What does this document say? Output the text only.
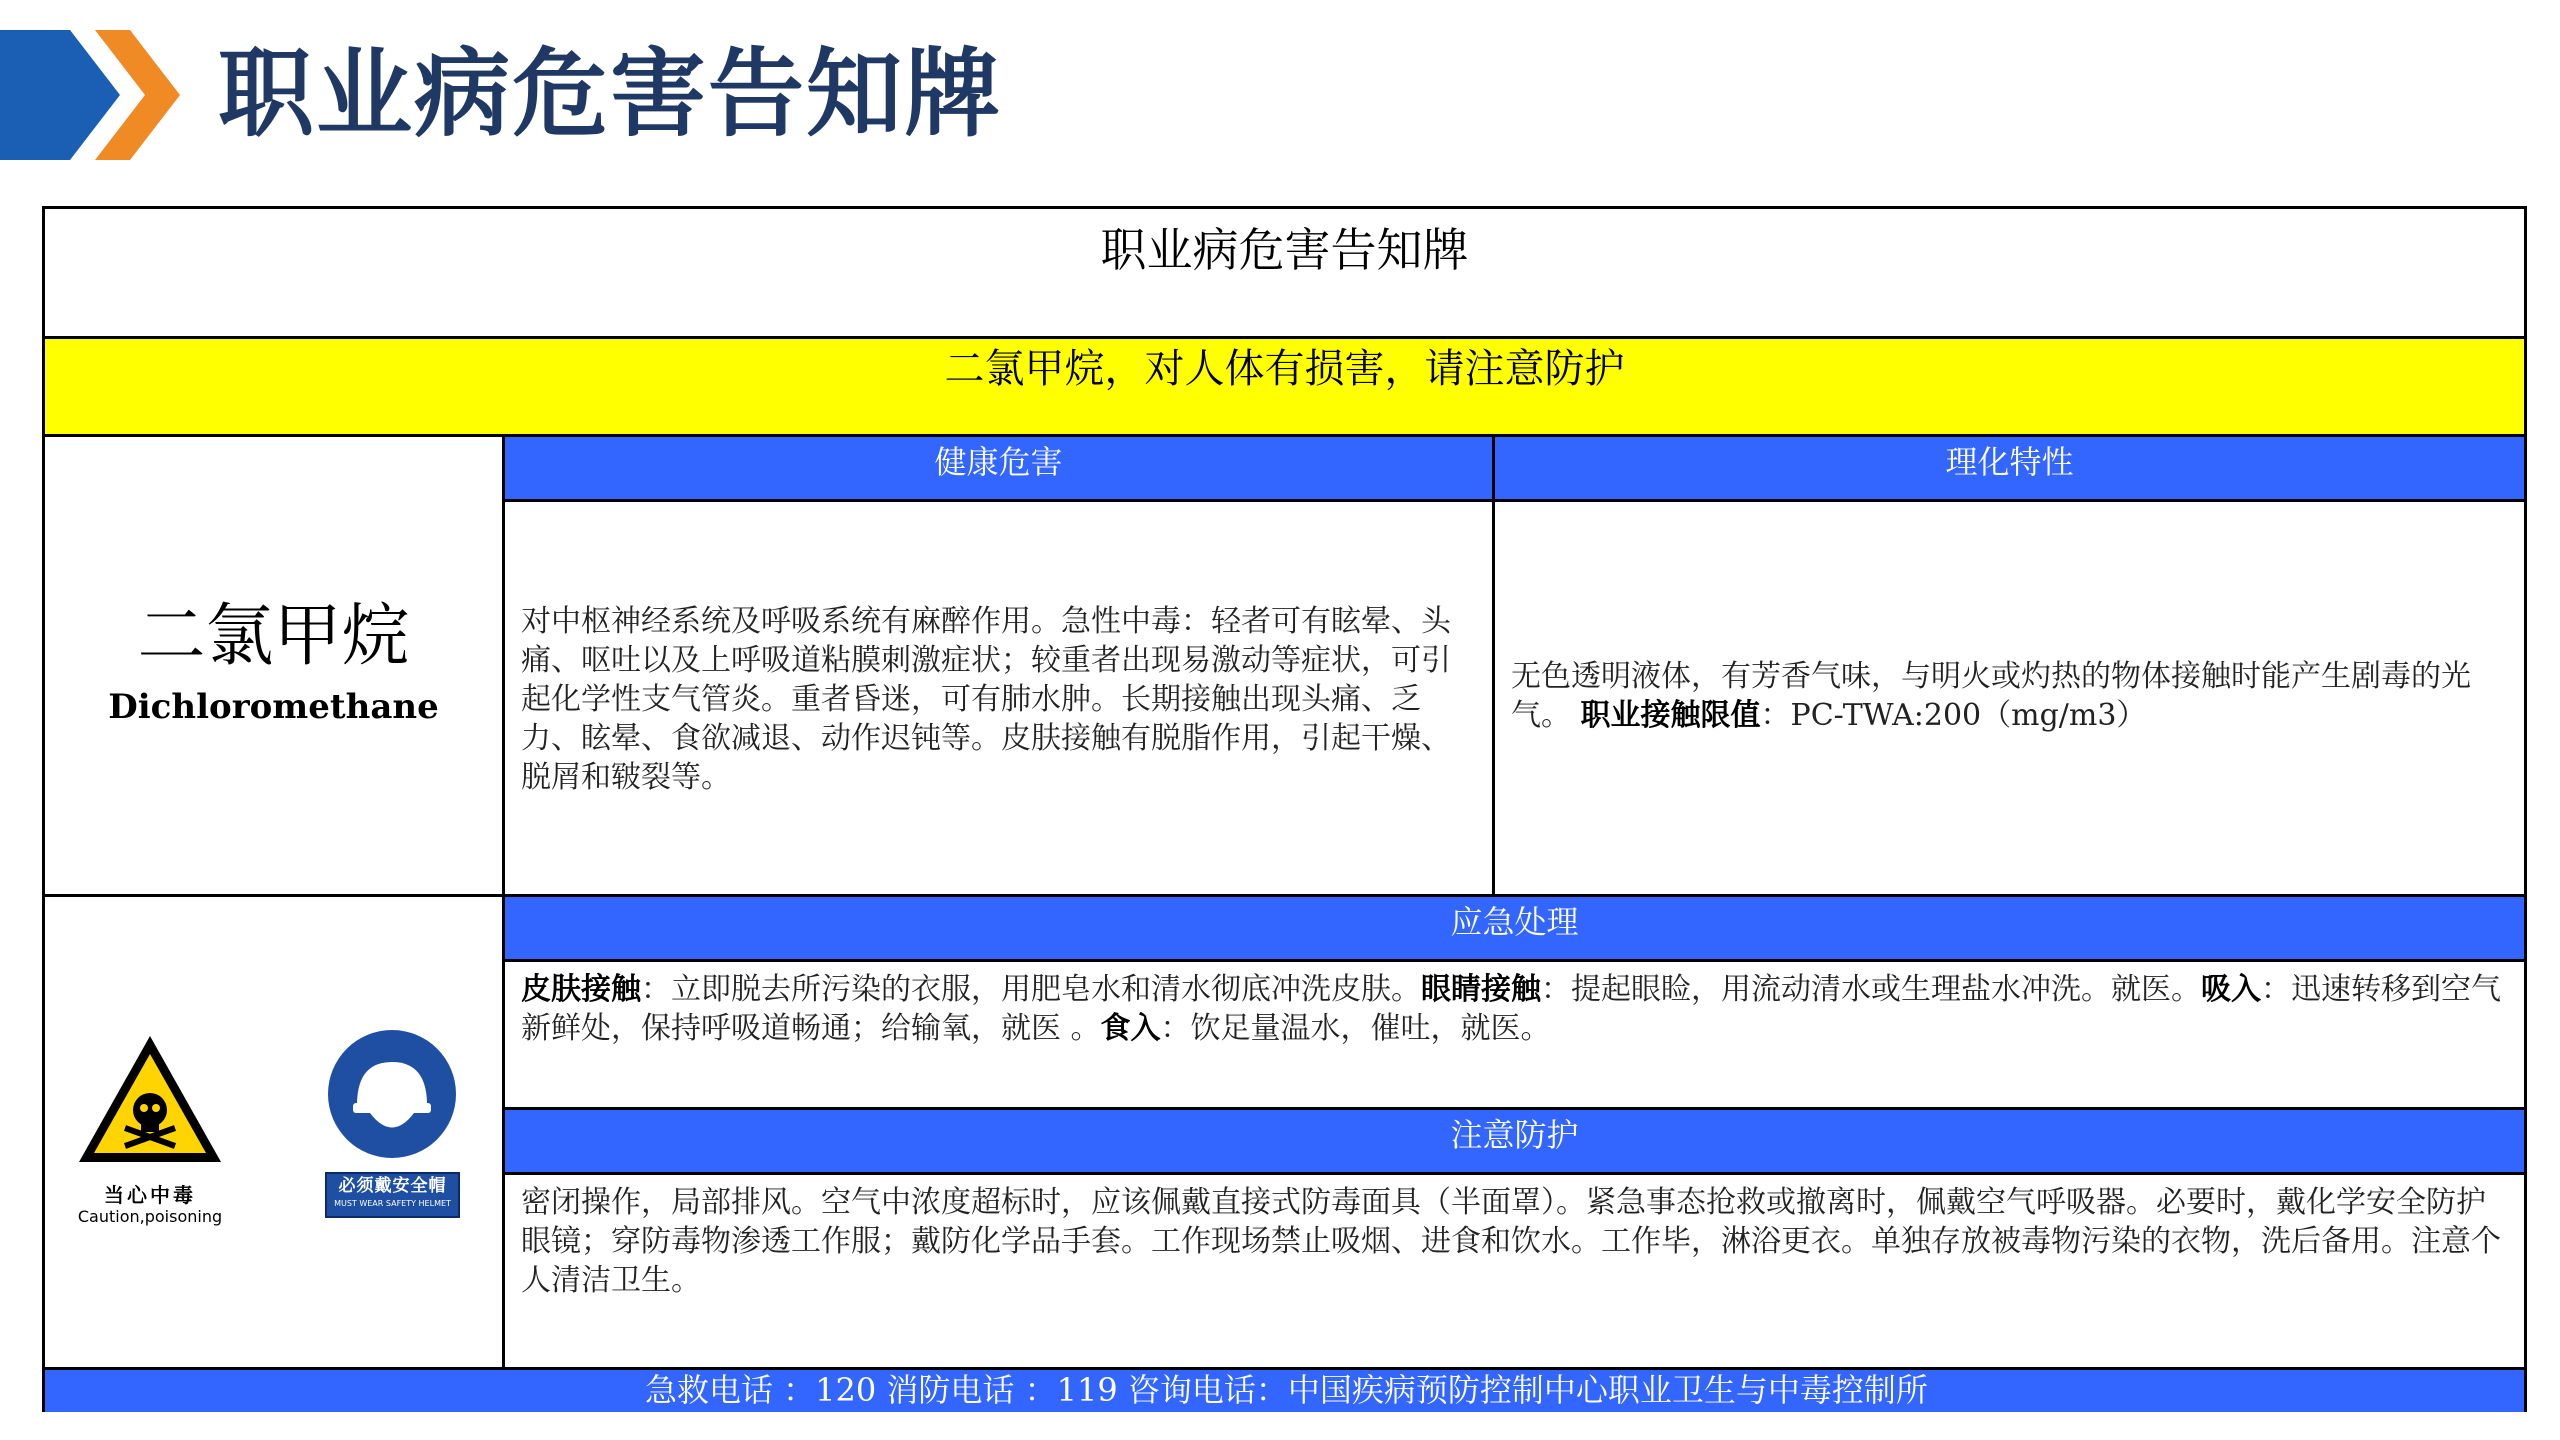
职业病危害告知牌
职业病危害告知牌
二氯甲烷，对人体有损害，请注意防护
二氯甲烷
Dichloromethane
健康危害	理化特性
对中枢神经系统及呼吸系统有麻醉作用。急性中毒：轻者可有眩晕、头痛、呕吐以及上呼吸道粘膜刺激症状；较重者出现易激动等症状，可引起化学性支气管炎。重者昏迷，可有肺水肿。长期接触出现头痛、乏力、眩晕、食欲减退、动作迟钝等。皮肤接触有脱脂作用，引起干燥、脱屑和皲裂等。
无色透明液体，有芳香气味，与明火或灼热的物体接触时能产生剧毒的光气。 职业接触限值：PC-TWA:200（mg/m3）
当心中毒
Caution,poisoning
必须戴安全帽
MUST WEAR SAFETY HELMET
应急处理
皮肤接触：立即脱去所污染的衣服，用肥皂水和清水彻底冲洗皮肤。眼睛接触：提起眼睑，用流动清水或生理盐水冲洗。就医。吸入：迅速转移到空气新鲜处，保持呼吸道畅通；给输氧，就医 。食入：饮足量温水，催吐，就医。
注意防护
密闭操作，局部排风。空气中浓度超标时，应该佩戴直接式防毒面具（半面罩）。紧急事态抢救或撤离时，佩戴空气呼吸器。必要时，戴化学安全防护眼镜；穿防毒物渗透工作服；戴防化学品手套。工作现场禁止吸烟、进食和饮水。工作毕，淋浴更衣。单独存放被毒物污染的衣物，洗后备用。注意个人清洁卫生。
急救电话 ：120 消防电话 ：119 咨询电话：中国疾病预防控制中心职业卫生与中毒控制所
